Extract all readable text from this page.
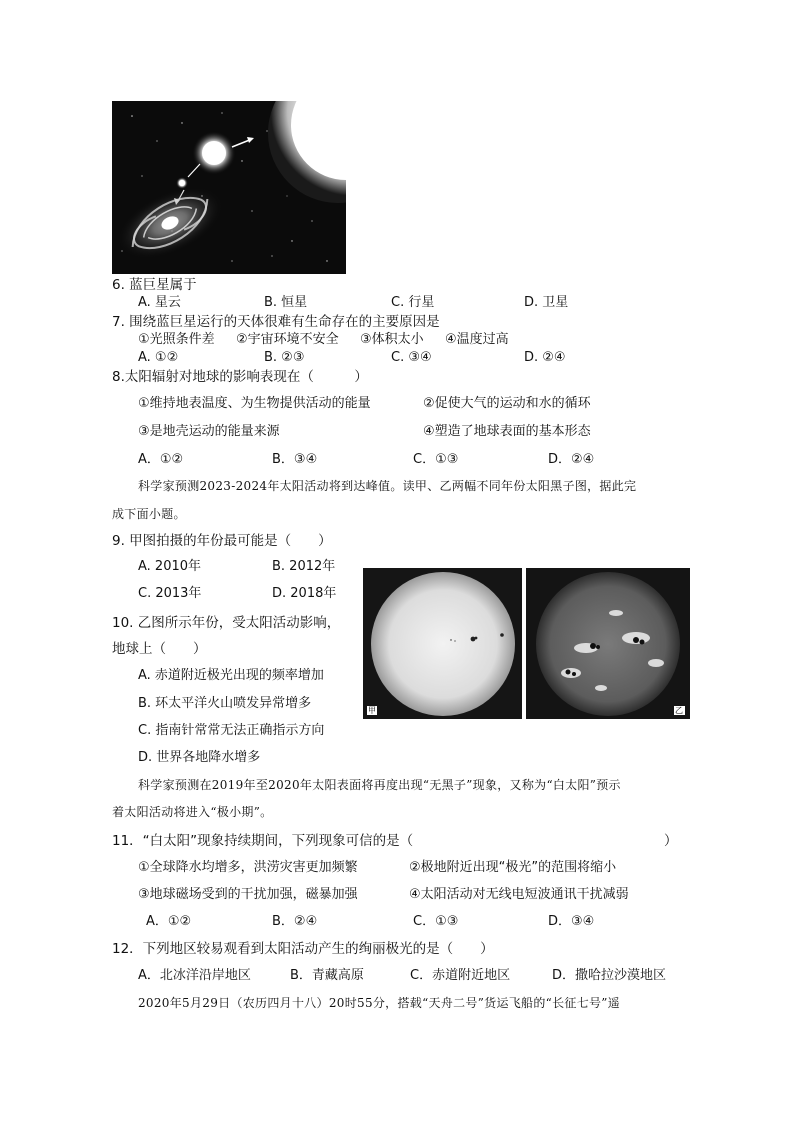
6. 蓝巨星属于
A. 星云	B. 恒星	C. 行星	D. 卫星
7. 围绕蓝巨星运行的天体很难有生命存在的主要原因是
①光照条件差 ②宇宙环境不安全 ③体积太小 ④温度过高
A. ①②	B. ②③	C. ③④	D. ②④
8.太阳辐射对地球的影响表现在（　　　）
①维持地表温度、为生物提供活动的能量	②促使大气的运动和水的循环
③是地壳运动的能量来源	④塑造了地球表面的基本形态
A．①②	B．③④	C．①③	D．②④
科学家预测2023-2024年太阳活动将到达峰值。读甲、乙两幅不同年份太阳黑子图，据此完
成下面小题。
9. 甲图拍摄的年份最可能是（　　）
A. 2010年	B. 2012年
C. 2013年	D. 2018年
甲	乙
10. 乙图所示年份，受太阳活动影响，
地球上（　　）
A. 赤道附近极光出现的频率增加
B. 环太平洋火山喷发异常增多
C. 指南针常常无法正确指示方向
D. 世界各地降水增多
科学家预测在2019年至2020年太阳表面将再度出现“无黑子”现象，又称为“白太阳”预示
着太阳活动将进入“极小期”。
11．“白太阳”现象持续期间，下列现象可信的是（	）
①全球降水均增多，洪涝灾害更加频繁	②极地附近出现“极光”的范围将缩小
③地球磁场受到的干扰加强，磁暴加强	④太阳活动对无线电短波通讯干扰减弱
A．①②	B．②④	C．①③	D．③④
12．下列地区较易观看到太阳活动产生的绚丽极光的是（　　）
A．北冰洋沿岸地区	B．青藏高原	C．赤道附近地区	D．撒哈拉沙漠地区
2020年5月29日（农历四月十八）20时55分，搭载“天舟二号”货运飞船的“长征七号”遥
